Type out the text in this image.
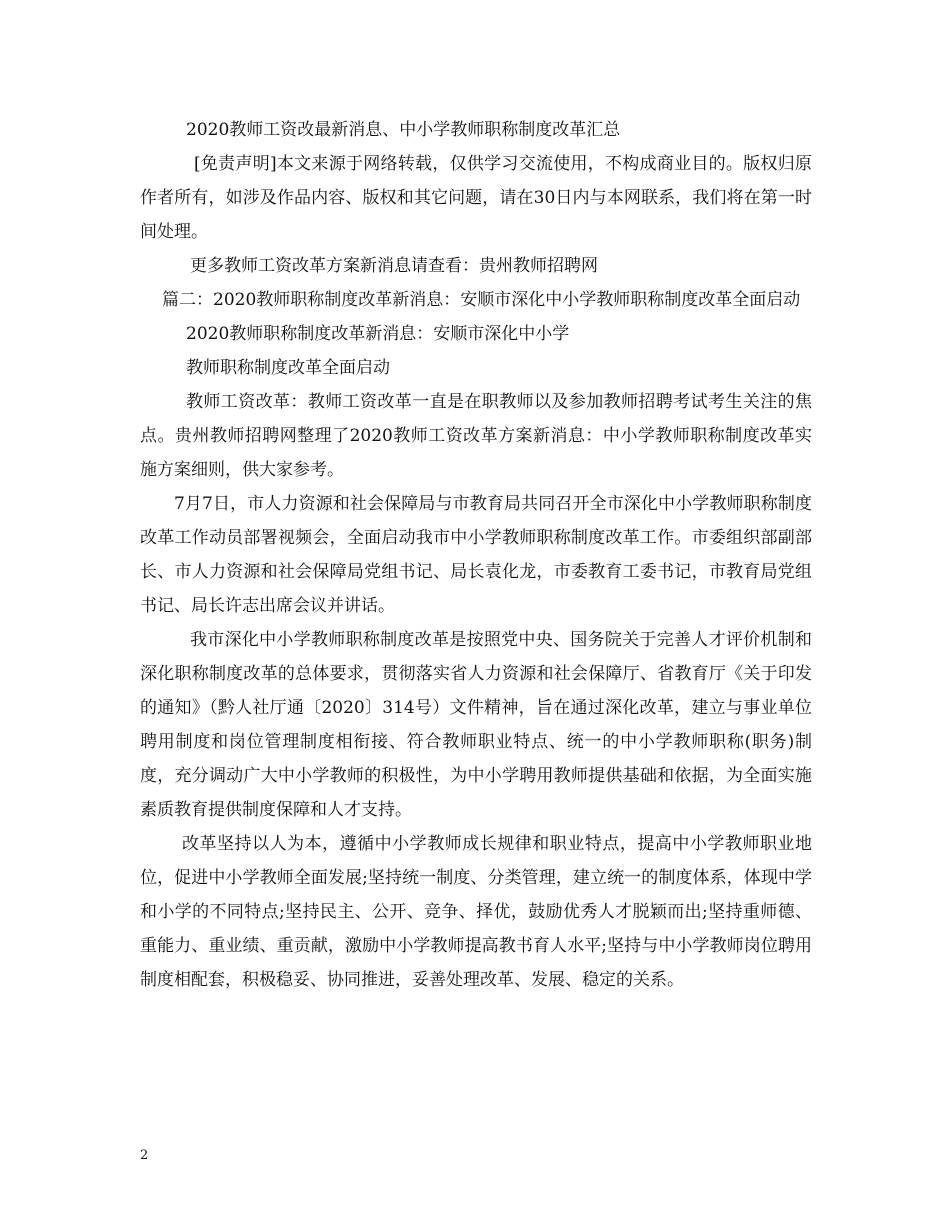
2020教师工资改最新消息、中小学教师职称制度改革汇总

[免责声明]本文来源于网络转载，仅供学习交流使用，不构成商业目的。版权归原作者所有，如涉及作品内容、版权和其它问题，请在30日内与本网联系，我们将在第一时间处理。

更多教师工资改革方案新消息请查看：贵州教师招聘网

篇二：2020教师职称制度改革新消息：安顺市深化中小学教师职称制度改革全面启动

2020教师职称制度改革新消息：安顺市深化中小学

教师职称制度改革全面启动

教师工资改革：教师工资改革一直是在职教师以及参加教师招聘考试考生关注的焦点。贵州教师招聘网整理了2020教师工资改革方案新消息：中小学教师职称制度改革实施方案细则，供大家参考。

7月7日，市人力资源和社会保障局与市教育局共同召开全市深化中小学教师职称制度改革工作动员部署视频会，全面启动我市中小学教师职称制度改革工作。市委组织部副部长、市人力资源和社会保障局党组书记、局长袁化龙，市委教育工委书记，市教育局党组书记、局长许志出席会议并讲话。

我市深化中小学教师职称制度改革是按照党中央、国务院关于完善人才评价机制和深化职称制度改革的总体要求，贯彻落实省人力资源和社会保障厅、省教育厅《关于印发的通知》（黔人社厅通〔2020〕314号）文件精神，旨在通过深化改革，建立与事业单位聘用制度和岗位管理制度相衔接、符合教师职业特点、统一的中小学教师职称(职务)制度，充分调动广大中小学教师的积极性，为中小学聘用教师提供基础和依据，为全面实施素质教育提供制度保障和人才支持。

改革坚持以人为本，遵循中小学教师成长规律和职业特点，提高中小学教师职业地位，促进中小学教师全面发展;坚持统一制度、分类管理，建立统一的制度体系，体现中学和小学的不同特点;坚持民主、公开、竞争、择优，鼓励优秀人才脱颖而出;坚持重师德、重能力、重业绩、重贡献，激励中小学教师提高教书育人水平;坚持与中小学教师岗位聘用制度相配套，积极稳妥、协同推进，妥善处理改革、发展、稳定的关系。

2
